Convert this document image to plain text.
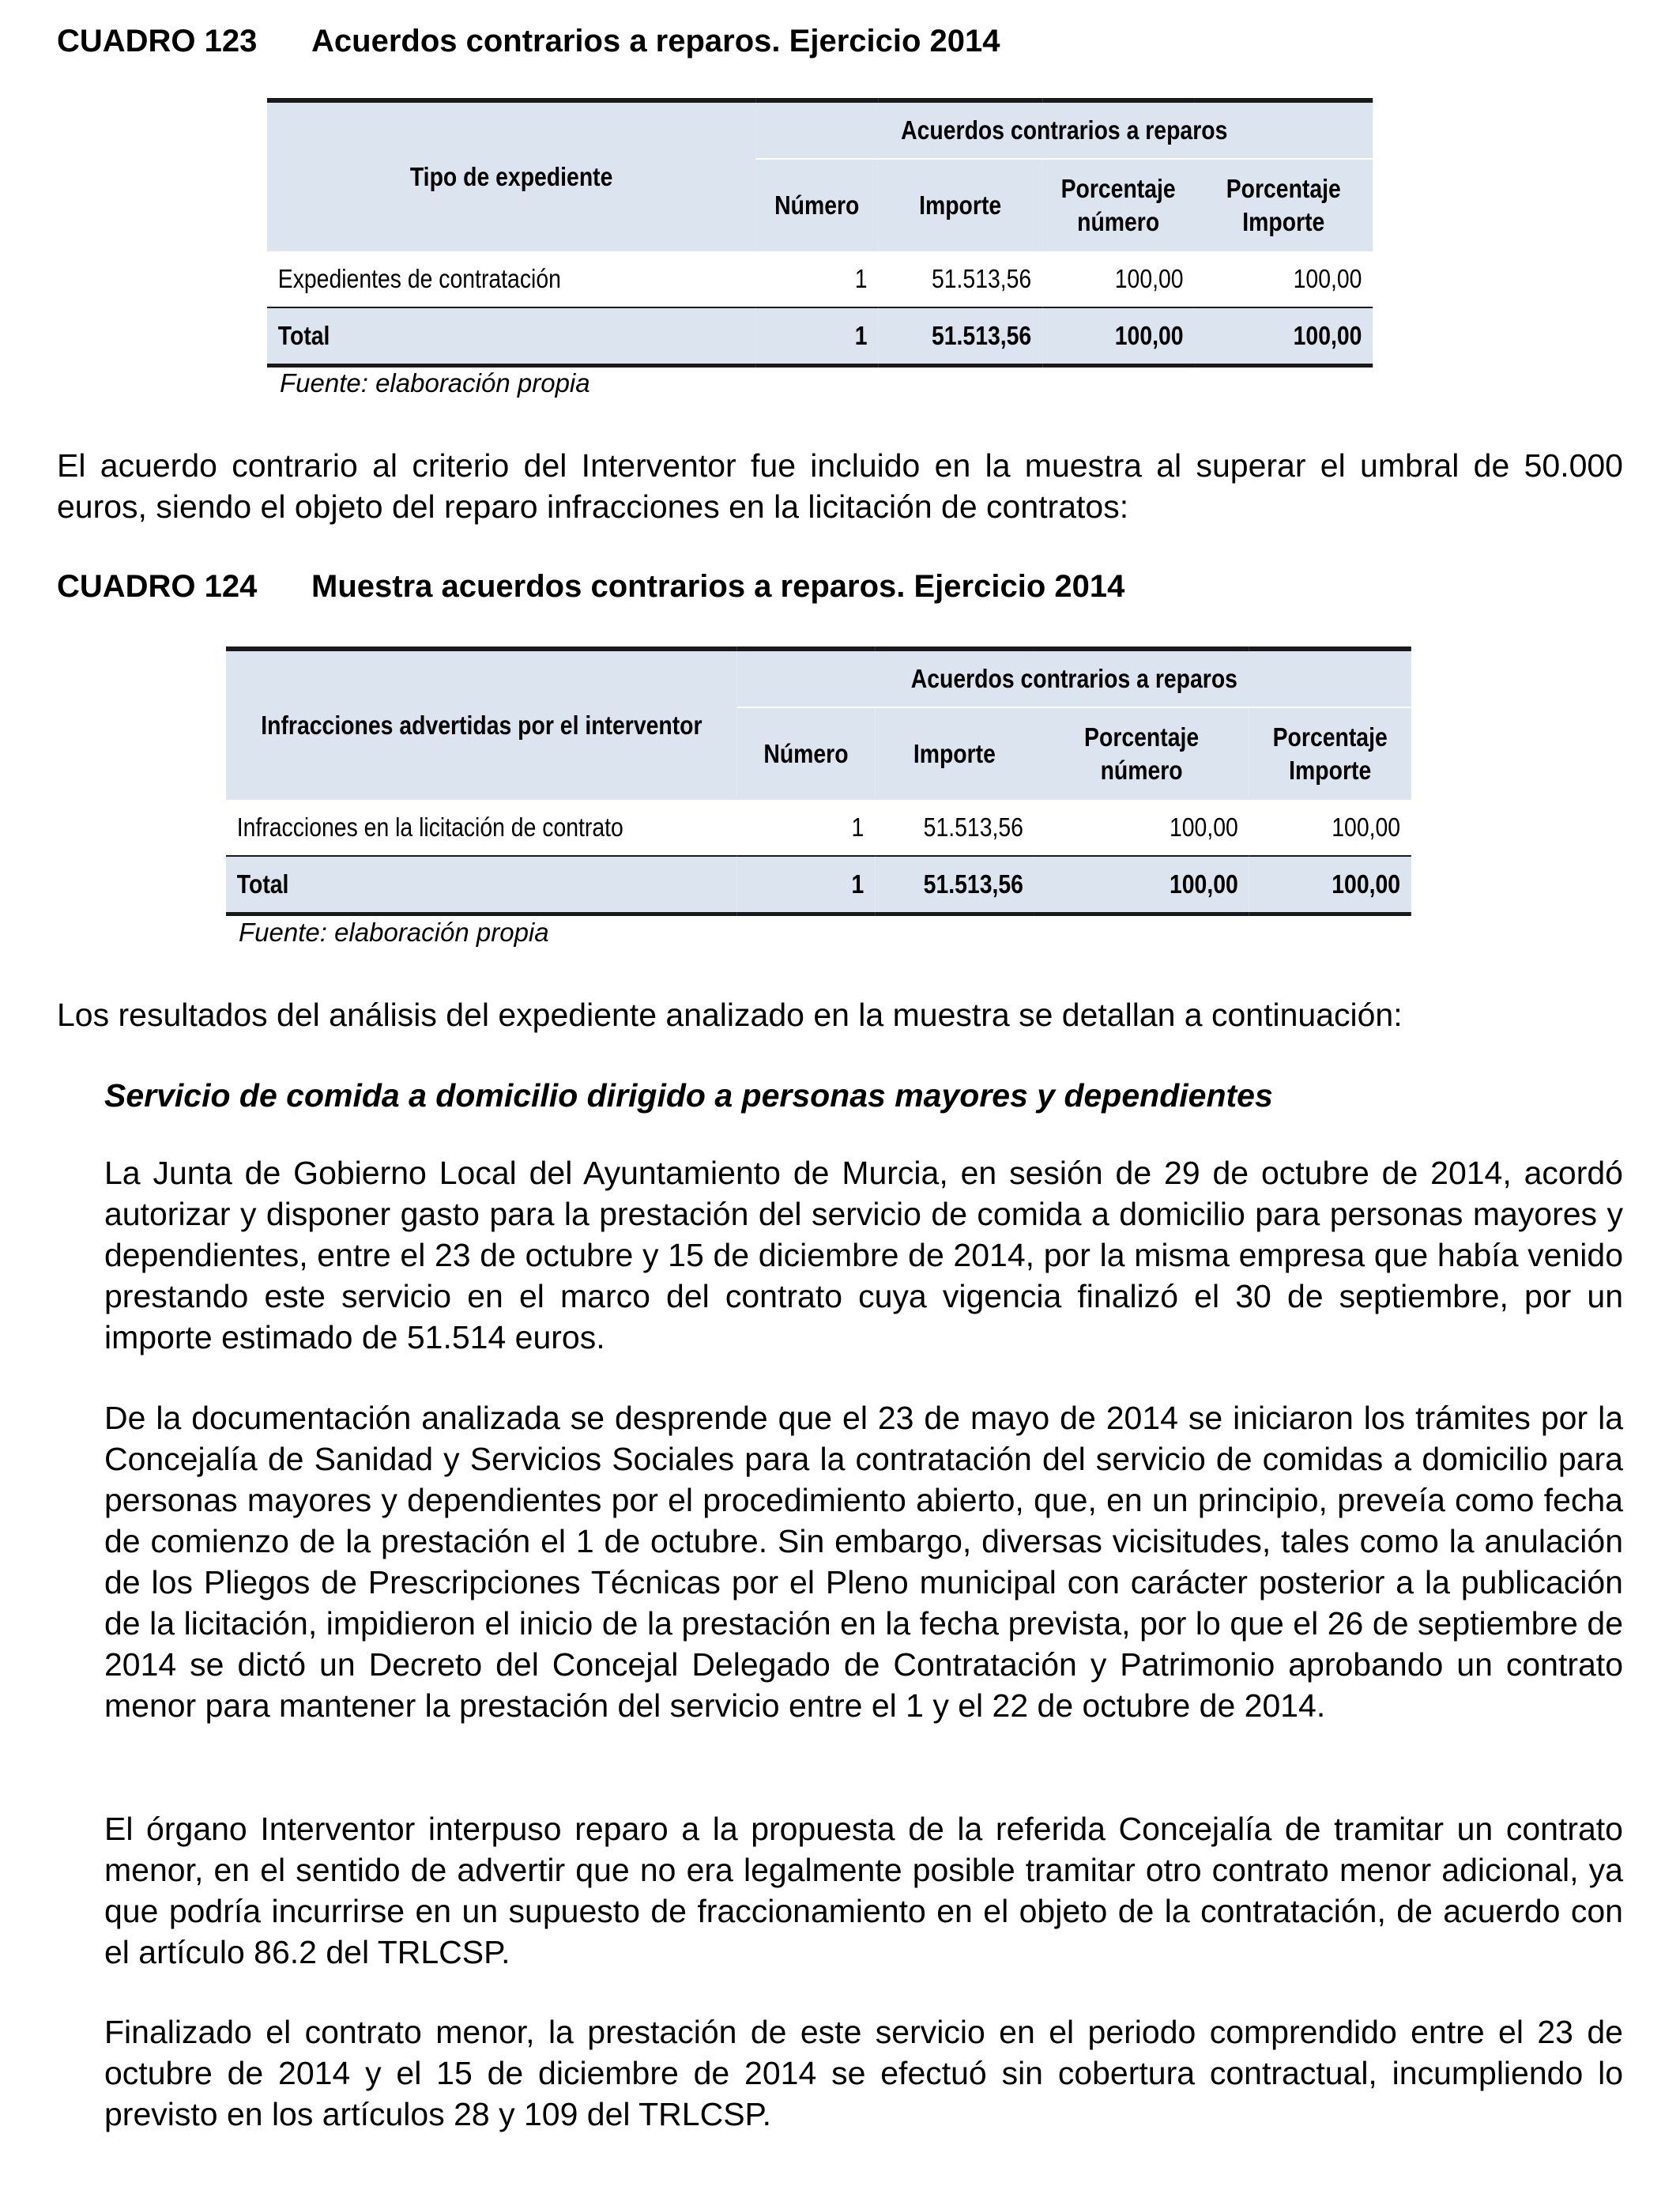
CUADRO 123 Acuerdos contrarios a reparos. Ejercicio 2014
Tipo de expediente	Acuerdos contrarios a reparos			
	Número	Importe	Porcentaje número	Porcentaje Importe
Expedientes de contratación	1	51.513,56	100,00	100,00
Total	1	51.513,56	100,00	100,00
Fuente: elaboración propia
El acuerdo contrario al criterio del Interventor fue incluido en la muestra al superar el umbral de 50.000 euros, siendo el objeto del reparo infracciones en la licitación de contratos:
CUADRO 124 Muestra acuerdos contrarios a reparos. Ejercicio 2014
Infracciones advertidas por el interventor	Acuerdos contrarios a reparos			
	Número	Importe	Porcentaje número	Porcentaje Importe
Infracciones en la licitación de contrato	1	51.513,56	100,00	100,00
Total	1	51.513,56	100,00	100,00
Fuente: elaboración propia
Los resultados del análisis del expediente analizado en la muestra se detallan a continuación:
Servicio de comida a domicilio dirigido a personas mayores y dependientes
La Junta de Gobierno Local del Ayuntamiento de Murcia, en sesión de 29 de octubre de 2014, acordó autorizar y disponer gasto para la prestación del servicio de comida a domicilio para personas mayores y dependientes, entre el 23 de octubre y 15 de diciembre de 2014, por la misma empresa que había venido prestando este servicio en el marco del contrato cuya vigencia finalizó el 30 de septiembre, por un importe estimado de 51.514 euros.
De la documentación analizada se desprende que el 23 de mayo de 2014 se iniciaron los trámites por la Concejalía de Sanidad y Servicios Sociales para la contratación del servicio de comidas a domicilio para personas mayores y dependientes por el procedimiento abierto, que, en un principio, preveía como fecha de comienzo de la prestación el 1 de octubre. Sin embargo, diversas vicisitudes, tales como la anulación de los Pliegos de Prescripciones Técnicas por el Pleno municipal con carácter posterior a la publicación de la licitación, impidieron el inicio de la prestación en la fecha prevista, por lo que el 26 de septiembre de 2014 se dictó un Decreto del Concejal Delegado de Contratación y Patrimonio aprobando un contrato menor para mantener la prestación del servicio entre el 1 y el 22 de octubre de 2014.
El órgano Interventor interpuso reparo a la propuesta de la referida Concejalía de tramitar un contrato menor, en el sentido de advertir que no era legalmente posible tramitar otro contrato menor adicional, ya que podría incurrirse en un supuesto de fraccionamiento en el objeto de la contratación, de acuerdo con el artículo 86.2 del TRLCSP.
Finalizado el contrato menor, la prestación de este servicio en el periodo comprendido entre el 23 de octubre de 2014 y el 15 de diciembre de 2014 se efectuó sin cobertura contractual, incumpliendo lo previsto en los artículos 28 y 109 del TRLCSP.
